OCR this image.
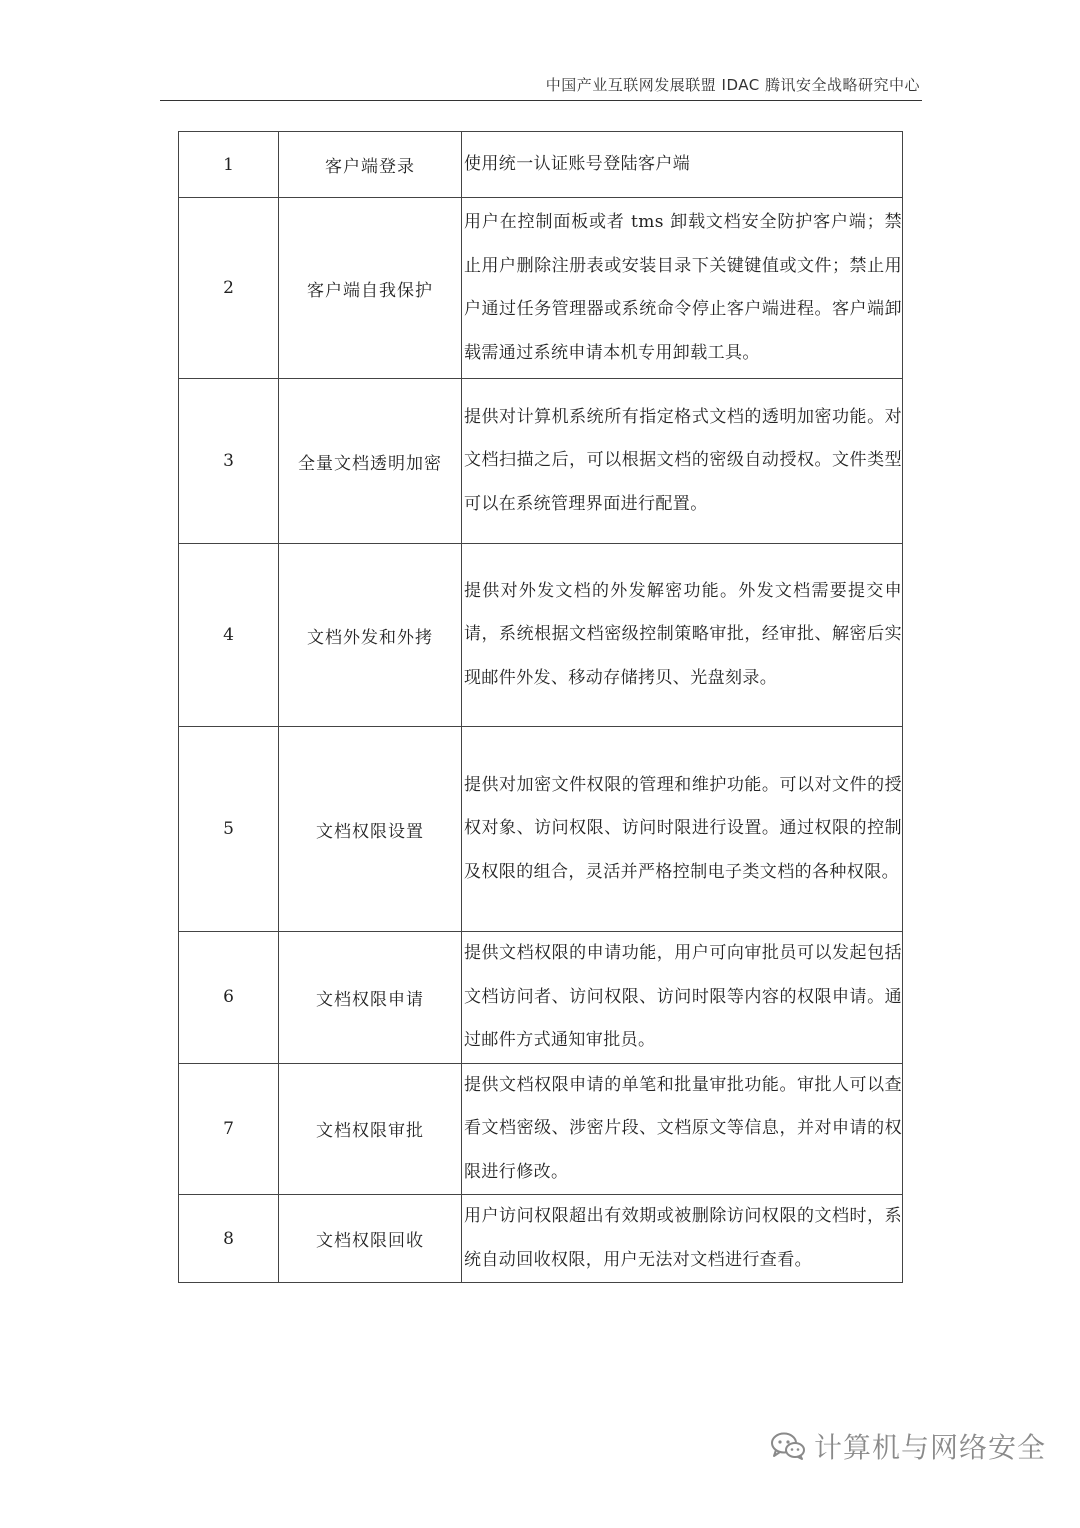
中国产业互联网发展联盟 IDAC 腾讯安全战略研究中心
1	客户端登录	使用统一认证账号登陆客户端
2	客户端自我保护	用户在控制面板或者 tms 卸载文档安全防护客户端；禁止用户删除注册表或安装目录下关键键值或文件；禁止用户通过任务管理器或系统命令停止客户端进程。客户端卸载需通过系统申请本机专用卸载工具。
3	全量文档透明加密	提供对计算机系统所有指定格式文档的透明加密功能。对文档扫描之后，可以根据文档的密级自动授权。文件类型可以在系统管理界面进行配置。
4	文档外发和外拷	提供对外发文档的外发解密功能。外发文档需要提交申请，系统根据文档密级控制策略审批，经审批、解密后实现邮件外发、移动存储拷贝、光盘刻录。
5	文档权限设置	提供对加密文件权限的管理和维护功能。可以对文件的授权对象、访问权限、访问时限进行设置。通过权限的控制及权限的组合，灵活并严格控制电子类文档的各种权限。
6	文档权限申请	提供文档权限的申请功能，用户可向审批员可以发起包括文档访问者、访问权限、访问时限等内容的权限申请。通过邮件方式通知审批员。
7	文档权限审批	提供文档权限申请的单笔和批量审批功能。审批人可以查看文档密级、涉密片段、文档原文等信息，并对申请的权限进行修改。
8	文档权限回收	用户访问权限超出有效期或被删除访问权限的文档时，系统自动回收权限，用户无法对文档进行查看。
计算机与网络安全
